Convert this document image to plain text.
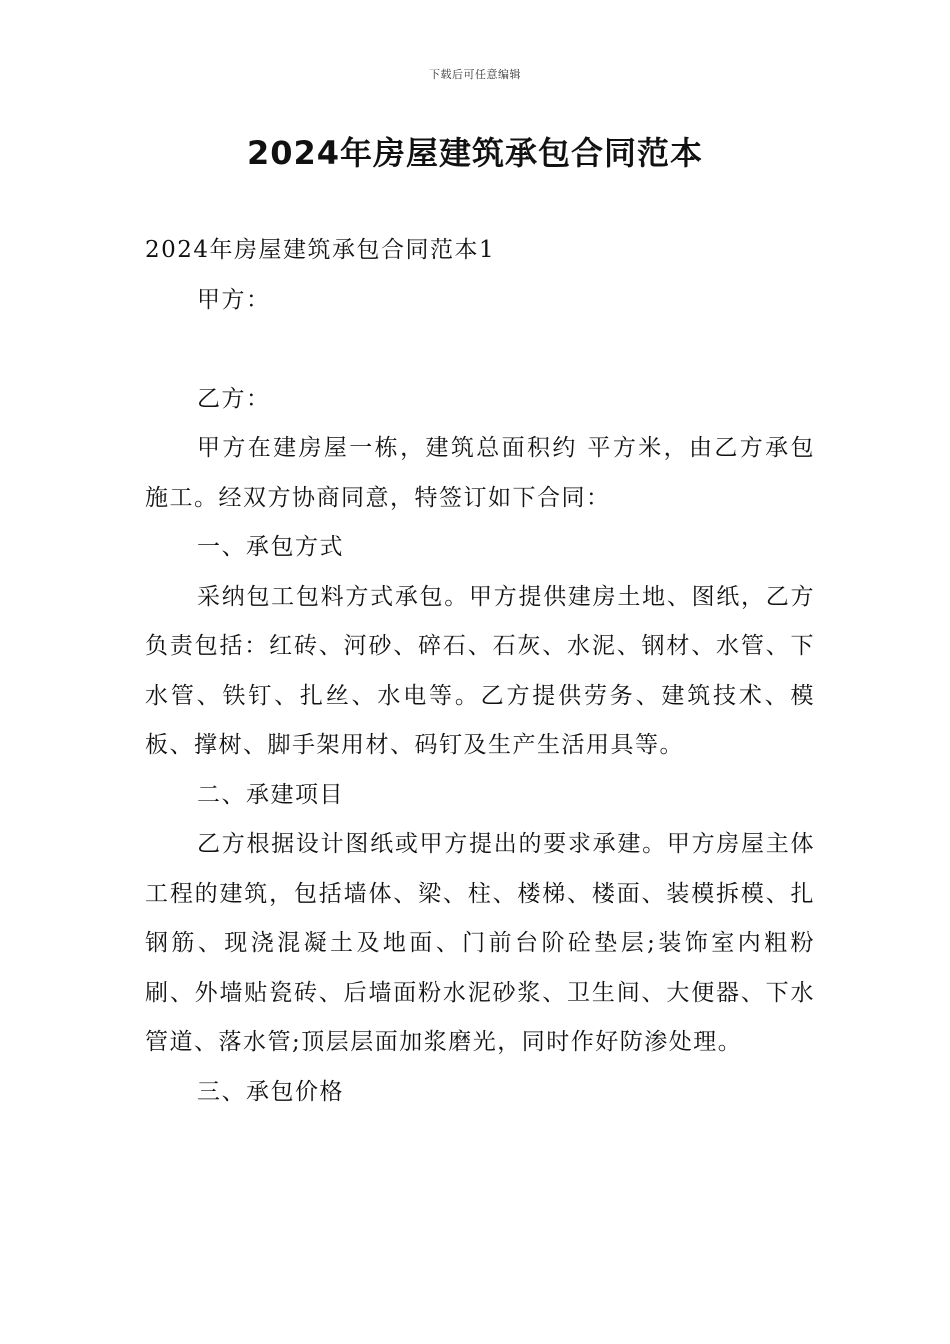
下载后可任意编辑
2024年房屋建筑承包合同范本

2024年房屋建筑承包合同范本1

甲方：

乙方：

甲方在建房屋一栋，建筑总面积约 平方米，由乙方承包施工。经双方协商同意，特签订如下合同：

一、承包方式

采纳包工包料方式承包。甲方提供建房土地、图纸，乙方负责包括：红砖、河砂、碎石、石灰、水泥、钢材、水管、下水管、铁钉、扎丝、水电等。乙方提供劳务、建筑技术、模板、撑树、脚手架用材、码钉及生产生活用具等。

二、承建项目

乙方根据设计图纸或甲方提出的要求承建。甲方房屋主体工程的建筑，包括墙体、梁、柱、楼梯、楼面、装模拆模、扎钢筋、现浇混凝土及地面、门前台阶砼垫层;装饰室内粗粉刷、外墙贴瓷砖、后墙面粉水泥砂浆、卫生间、大便器、下水管道、落水管;顶层层面加浆磨光，同时作好防渗处理。

三、承包价格
